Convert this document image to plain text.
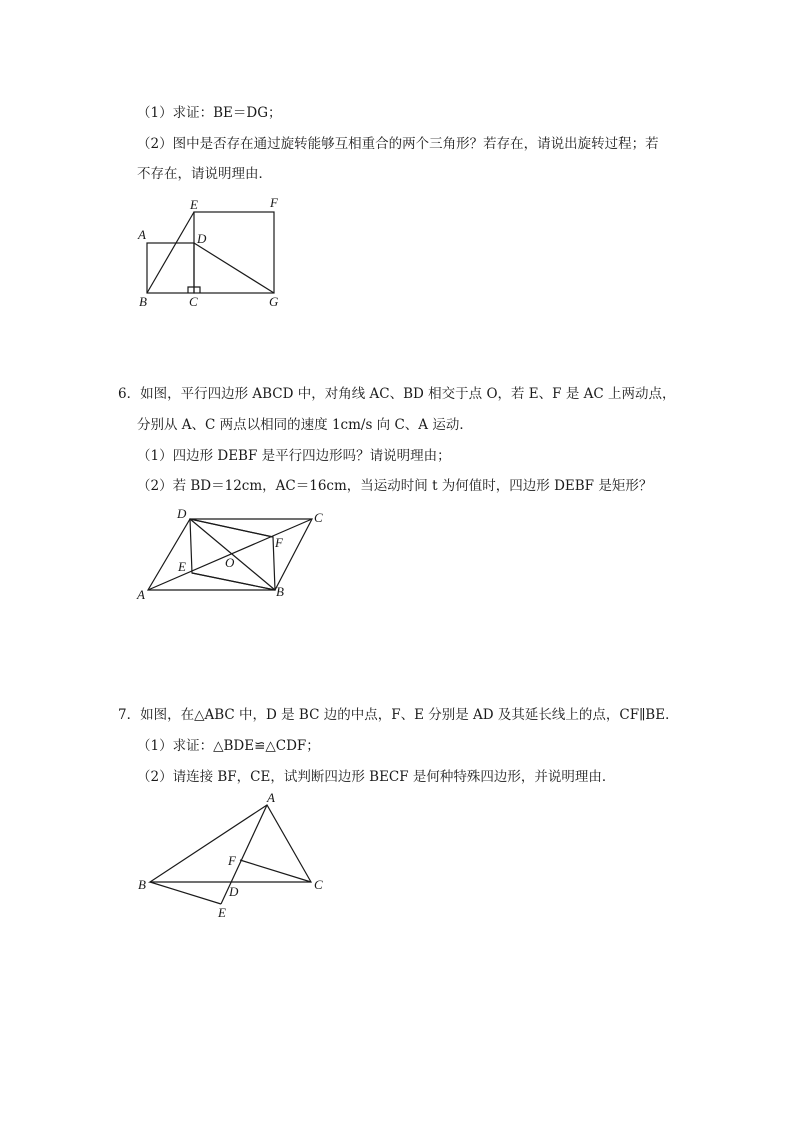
（1）求证：BE＝DG；
（2）图中是否存在通过旋转能够互相重合的两个三角形？若存在，请说出旋转过程；若
不存在，请说明理由．
A
B	C
D
E	F
G
6．如图，平行四边形 ABCD 中，对角线 AC、BD 相交于点 O，若 E、F 是 AC 上两动点，
分别从 A、C 两点以相同的速度 1cm/s 向 C、A 运动．
（1）四边形 DEBF 是平行四边形吗？请说明理由；
（2）若 BD＝12cm，AC＝16cm，当运动时间 t 为何值时，四边形 DEBF 是矩形？
A	B
C
D
E
F
O
7．如图，在△ABC 中，D 是 BC 边的中点，F、E 分别是 AD 及其延长线上的点，CF∥BE．
（1）求证：△BDE≌△CDF；
（2）请连接 BF，CE，试判断四边形 BECF 是何种特殊四边形，并说明理由．
A
B	C
D
E
F
